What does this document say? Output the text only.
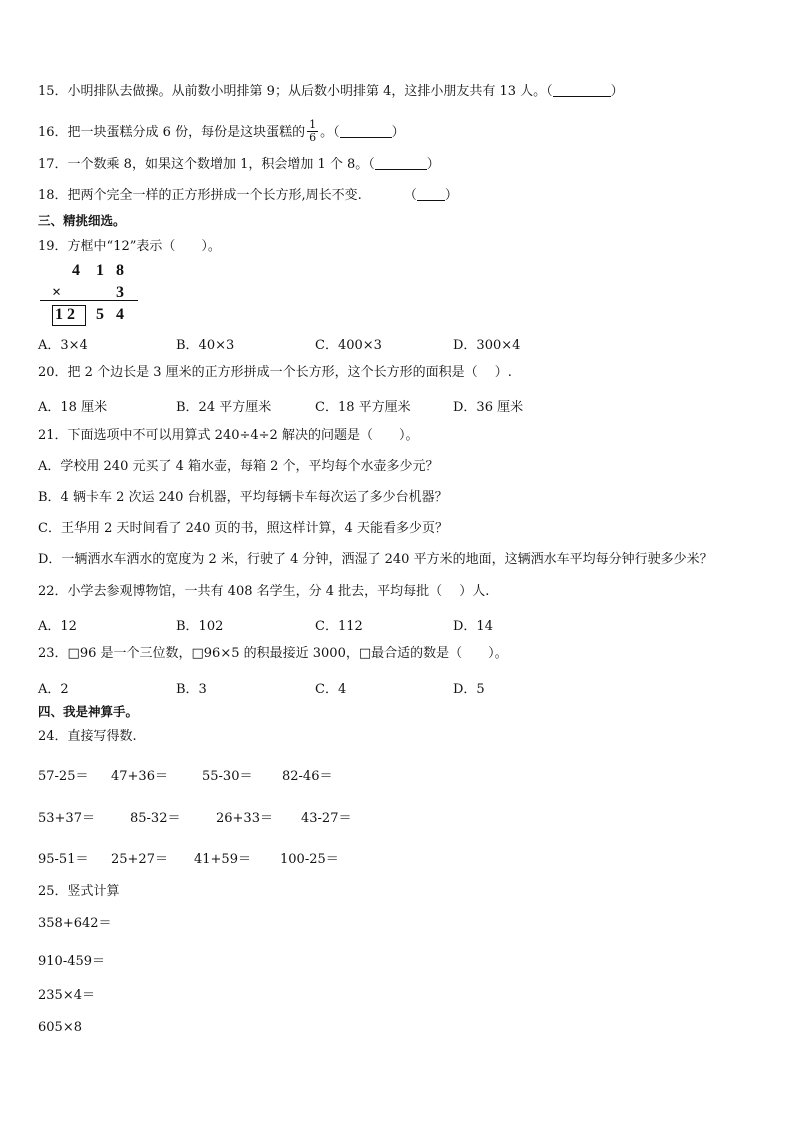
15．小明排队去做操。从前数小明排第 9；从后数小明排第 4，这排小朋友共有 13 人。（	）
16．把一块蛋糕分成 6 份，每份是这块蛋糕的 $\frac{1}{6}$ 。（	）
17．一个数乘 8，如果这个数增加 1，积会增加 1 个 8。（	）
18．把两个完全一样的正方形拼成一个长方形,周长不变.	（ ）
三、精挑细选。
19．方框中“12”表示（　　）。
4 1 8
×	3
1 2 5 4
A．3×4	B．40×3	C．400×3	D．300×4
20．把 2 个边长是 3 厘米的正方形拼成一个长方形，这个长方形的面积是（　 ）.
A．18 厘米	B．24 平方厘米	C．18 平方厘米	D．36 厘米
21．下面选项中不可以用算式 240÷4÷2 解决的问题是（　　）。
A．学校用 240 元买了 4 箱水壶，每箱 2 个，平均每个水壶多少元？
B．4 辆卡车 2 次运 240 台机器，平均每辆卡车每次运了多少台机器？
C．王华用 2 天时间看了 240 页的书，照这样计算，4 天能看多少页？
D．一辆洒水车洒水的宽度为 2 米，行驶了 4 分钟，洒湿了 240 平方米的地面，这辆洒水车平均每分钟行驶多少米？
22．小学去参观博物馆，一共有 408 名学生，分 4 批去，平均每批（　 ）人.
A．12	B．102	C．112	D．14
23．□96 是一个三位数，□96×5 的积最接近 3000，□最合适的数是（　　）。
A．2	B．3	C．4	D．5
四、我是神算手。
24．直接写得数.
57-25＝ 47+36＝	55-30＝ 82-46＝
53+37＝	85-32＝	26+33＝ 43-27＝
95-51＝ 25+27＝ 41+59＝ 100-25＝
25．竖式计算
358+642＝
910-459＝
235×4＝
605×8
